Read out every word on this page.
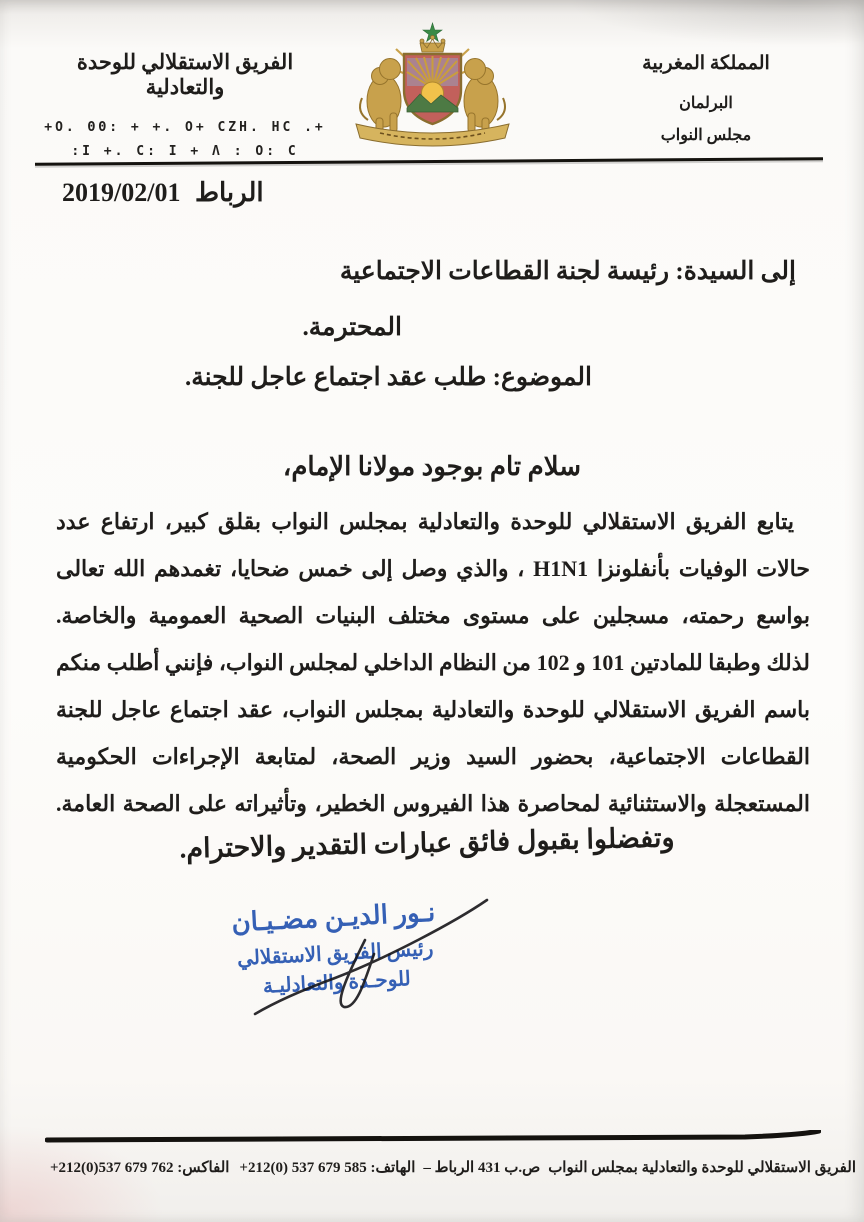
الفريق الاستقلالي للوحدة والتعادلية
+. O. ΘΘ: + +. O+ CΖΗ. ΗC+
I +. C: I + Λ : O: C:
المملكة المغربية
البرلمان
مجلس النواب
الرباط 2019/02/01
إلى السيدة: رئيسة لجنة القطاعات الاجتماعية
المحترمة.
الموضوع: طلب عقد اجتماع عاجل للجنة.
سلام تام بوجود مولانا الإمام،
يتابع الفريق الاستقلالي للوحدة والتعادلية بمجلس النواب بقلق كبير، ارتفاع عدد
حالات الوفيات بأنفلونزا H1N1 ، والذي وصل إلى خمس ضحايا، تغمدهم الله تعالى
بواسع رحمته، مسجلين على مستوى مختلف البنيات الصحية العمومية والخاصة.
لذلك وطبقا للمادتين 101 و 102 من النظام الداخلي لمجلس النواب، فإنني أطلب منكم
باسم الفريق الاستقلالي للوحدة والتعادلية بمجلس النواب، عقد اجتماع عاجل للجنة
القطاعات الاجتماعية، بحضور السيد وزير الصحة، لمتابعة الإجراءات الحكومية
المستعجلة والاستثنائية لمحاصرة هذا الفيروس الخطير، وتأثيراته على الصحة العامة.
وتفضلوا بقبول فائق عبارات التقدير والاحترام.
نـور الديـن مضـيـان
رئيس الفريق الاستقلالي
للوحـدة والتعادليـة
الفريق الاستقلالي للوحدة والتعادلية بمجلس النواب
ص.ب 431 الرباط –
الهاتف: +212(0) 537 679 585
الفاكس: +212(0)537 679 762
